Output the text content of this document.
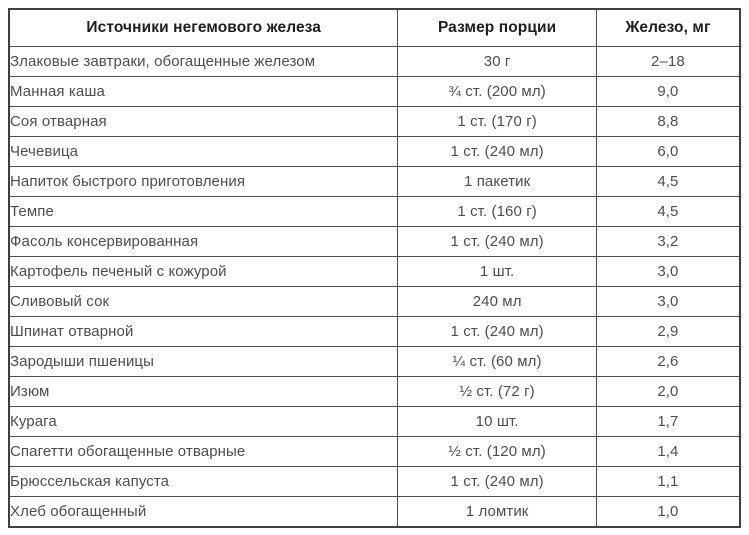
Источники негемового железа	Размер порции	Железо, мг
Злаковые завтраки, обогащенные железом	30 г	2–18
Манная каша	¾ ст. (200 мл)	9,0
Соя отварная	1 ст. (170 г)	8,8
Чечевица	1 ст. (240 мл)	6,0
Напиток быстрого приготовления	1 пакетик	4,5
Темпе	1 ст. (160 г)	4,5
Фасоль консервированная	1 ст. (240 мл)	3,2
Картофель печеный с кожурой	1 шт.	3,0
Сливовый сок	240 мл	3,0
Шпинат отварной	1 ст. (240 мл)	2,9
Зародыши пшеницы	¼ ст. (60 мл)	2,6
Изюм	½ ст. (72 г)	2,0
Курага	10 шт.	1,7
Спагетти обогащенные отварные	½ ст. (120 мл)	1,4
Брюссельская капуста	1 ст. (240 мл)	1,1
Хлеб обогащенный	1 ломтик	1,0
